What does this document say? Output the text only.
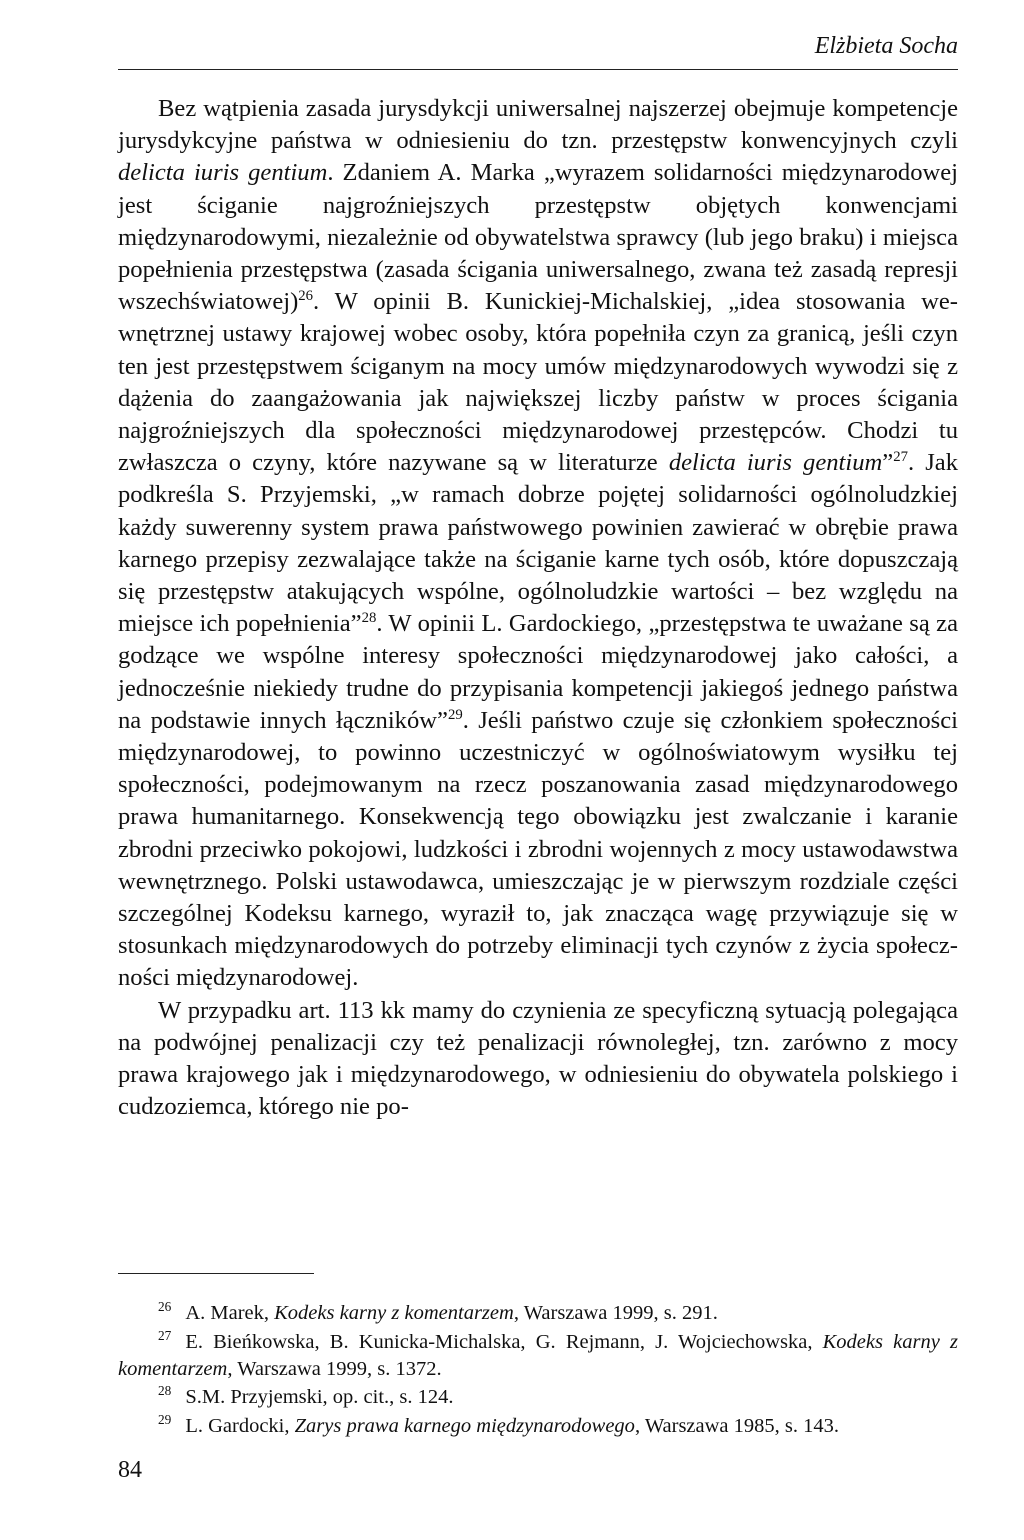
Elżbieta Socha

Bez wątpienia zasada jurysdykcji uniwersalnej najszerzej obejmuje kompetencje jurysdykcyjne państwa w odniesieniu do tzn. przestępstw konwencyjnych czyli delicta iuris gentium. Zdaniem A. Marka „wyrazem solidarności międzynarodowej jest ściganie najgroźniejszych przestępstw objętych konwencjami międzynarodowymi, niezależnie od obywatelstwa sprawcy (lub jego braku) i miejsca popełnienia przestępstwa (zasada ścigania uniwersalnego, zwana też zasadą represji wszechświatowej)$^{26}$. W opinii B. Kunickiej-Michalskiej, „idea stosowania wewnętrznej ustawy krajowej wobec osoby, która popełniła czyn za granicą, jeśli czyn ten jest przestępstwem ściganym na mocy umów międzynarodowych wywodzi się z dążenia do zaangażowania jak największej liczby państw w proces ścigania najgroźniejszych dla społeczności międzynarodowej przestępców. Chodzi tu zwłaszcza o czyny, które nazywane są w literaturze delicta iuris gentium”$^{27}$. Jak podkreśla S. Przyjemski, „w ramach dobrze pojętej solidarności ogólnoludzkiej każdy suwerenny system prawa państwowego powinien zawierać w obrębie prawa karnego przepisy zezwalające także na ściganie karne tych osób, które dopuszczają się przestępstw atakujących wspólne, ogólnoludzkie wartości – bez względu na miejsce ich popełnienia”$^{28}$. W opinii L. Gardockiego, „przestępstwa te uważane są za godzące we wspólne interesy społeczności międzynarodowej jako całości, a jednocześnie niekiedy trudne do przypisania kompetencji jakiegoś jednego państwa na podstawie innych łączników”$^{29}$. Jeśli państwo czuje się członkiem społeczności międzynarodowej, to powinno uczestniczyć w ogólnoświatowym wysiłku tej społeczności, podejmowanym na rzecz poszanowania zasad międzynarodowego prawa humanitarnego. Konsekwencją tego obowiązku jest zwalczanie i karanie zbrodni przeciwko pokojowi, ludzkości i zbrodni wojennych z mocy ustawodawstwa wewnętrznego. Polski ustawodawca, umieszczając je w pierwszym rozdziale części szczególnej Kodeksu karnego, wyraził to, jak znacząca wagę przywiązuje się w stosunkach międzynarodowych do potrzeby eliminacji tych czynów z życia społeczności międzynarodowej.

W przypadku art. 113 kk mamy do czynienia ze specyficzną sytuacją polegająca na podwójnej penalizacji czy też penalizacji równoległej, tzn. zarówno z mocy prawa krajowego jak i międzynarodowego, w odniesieniu do obywatela polskiego i cudzoziemca, którego nie po-

$^{26}$ A. Marek, Kodeks karny z komentarzem, Warszawa 1999, s. 291.

$^{27}$ E. Bieńkowska, B. Kunicka-Michalska, G. Rejmann, J. Wojciechowska, Kodeks karny z komentarzem, Warszawa 1999, s. 1372.

$^{28}$ S.M. Przyjemski, op. cit., s. 124.

$^{29}$ L. Gardocki, Zarys prawa karnego międzynarodowego, Warszawa 1985, s. 143.

84
